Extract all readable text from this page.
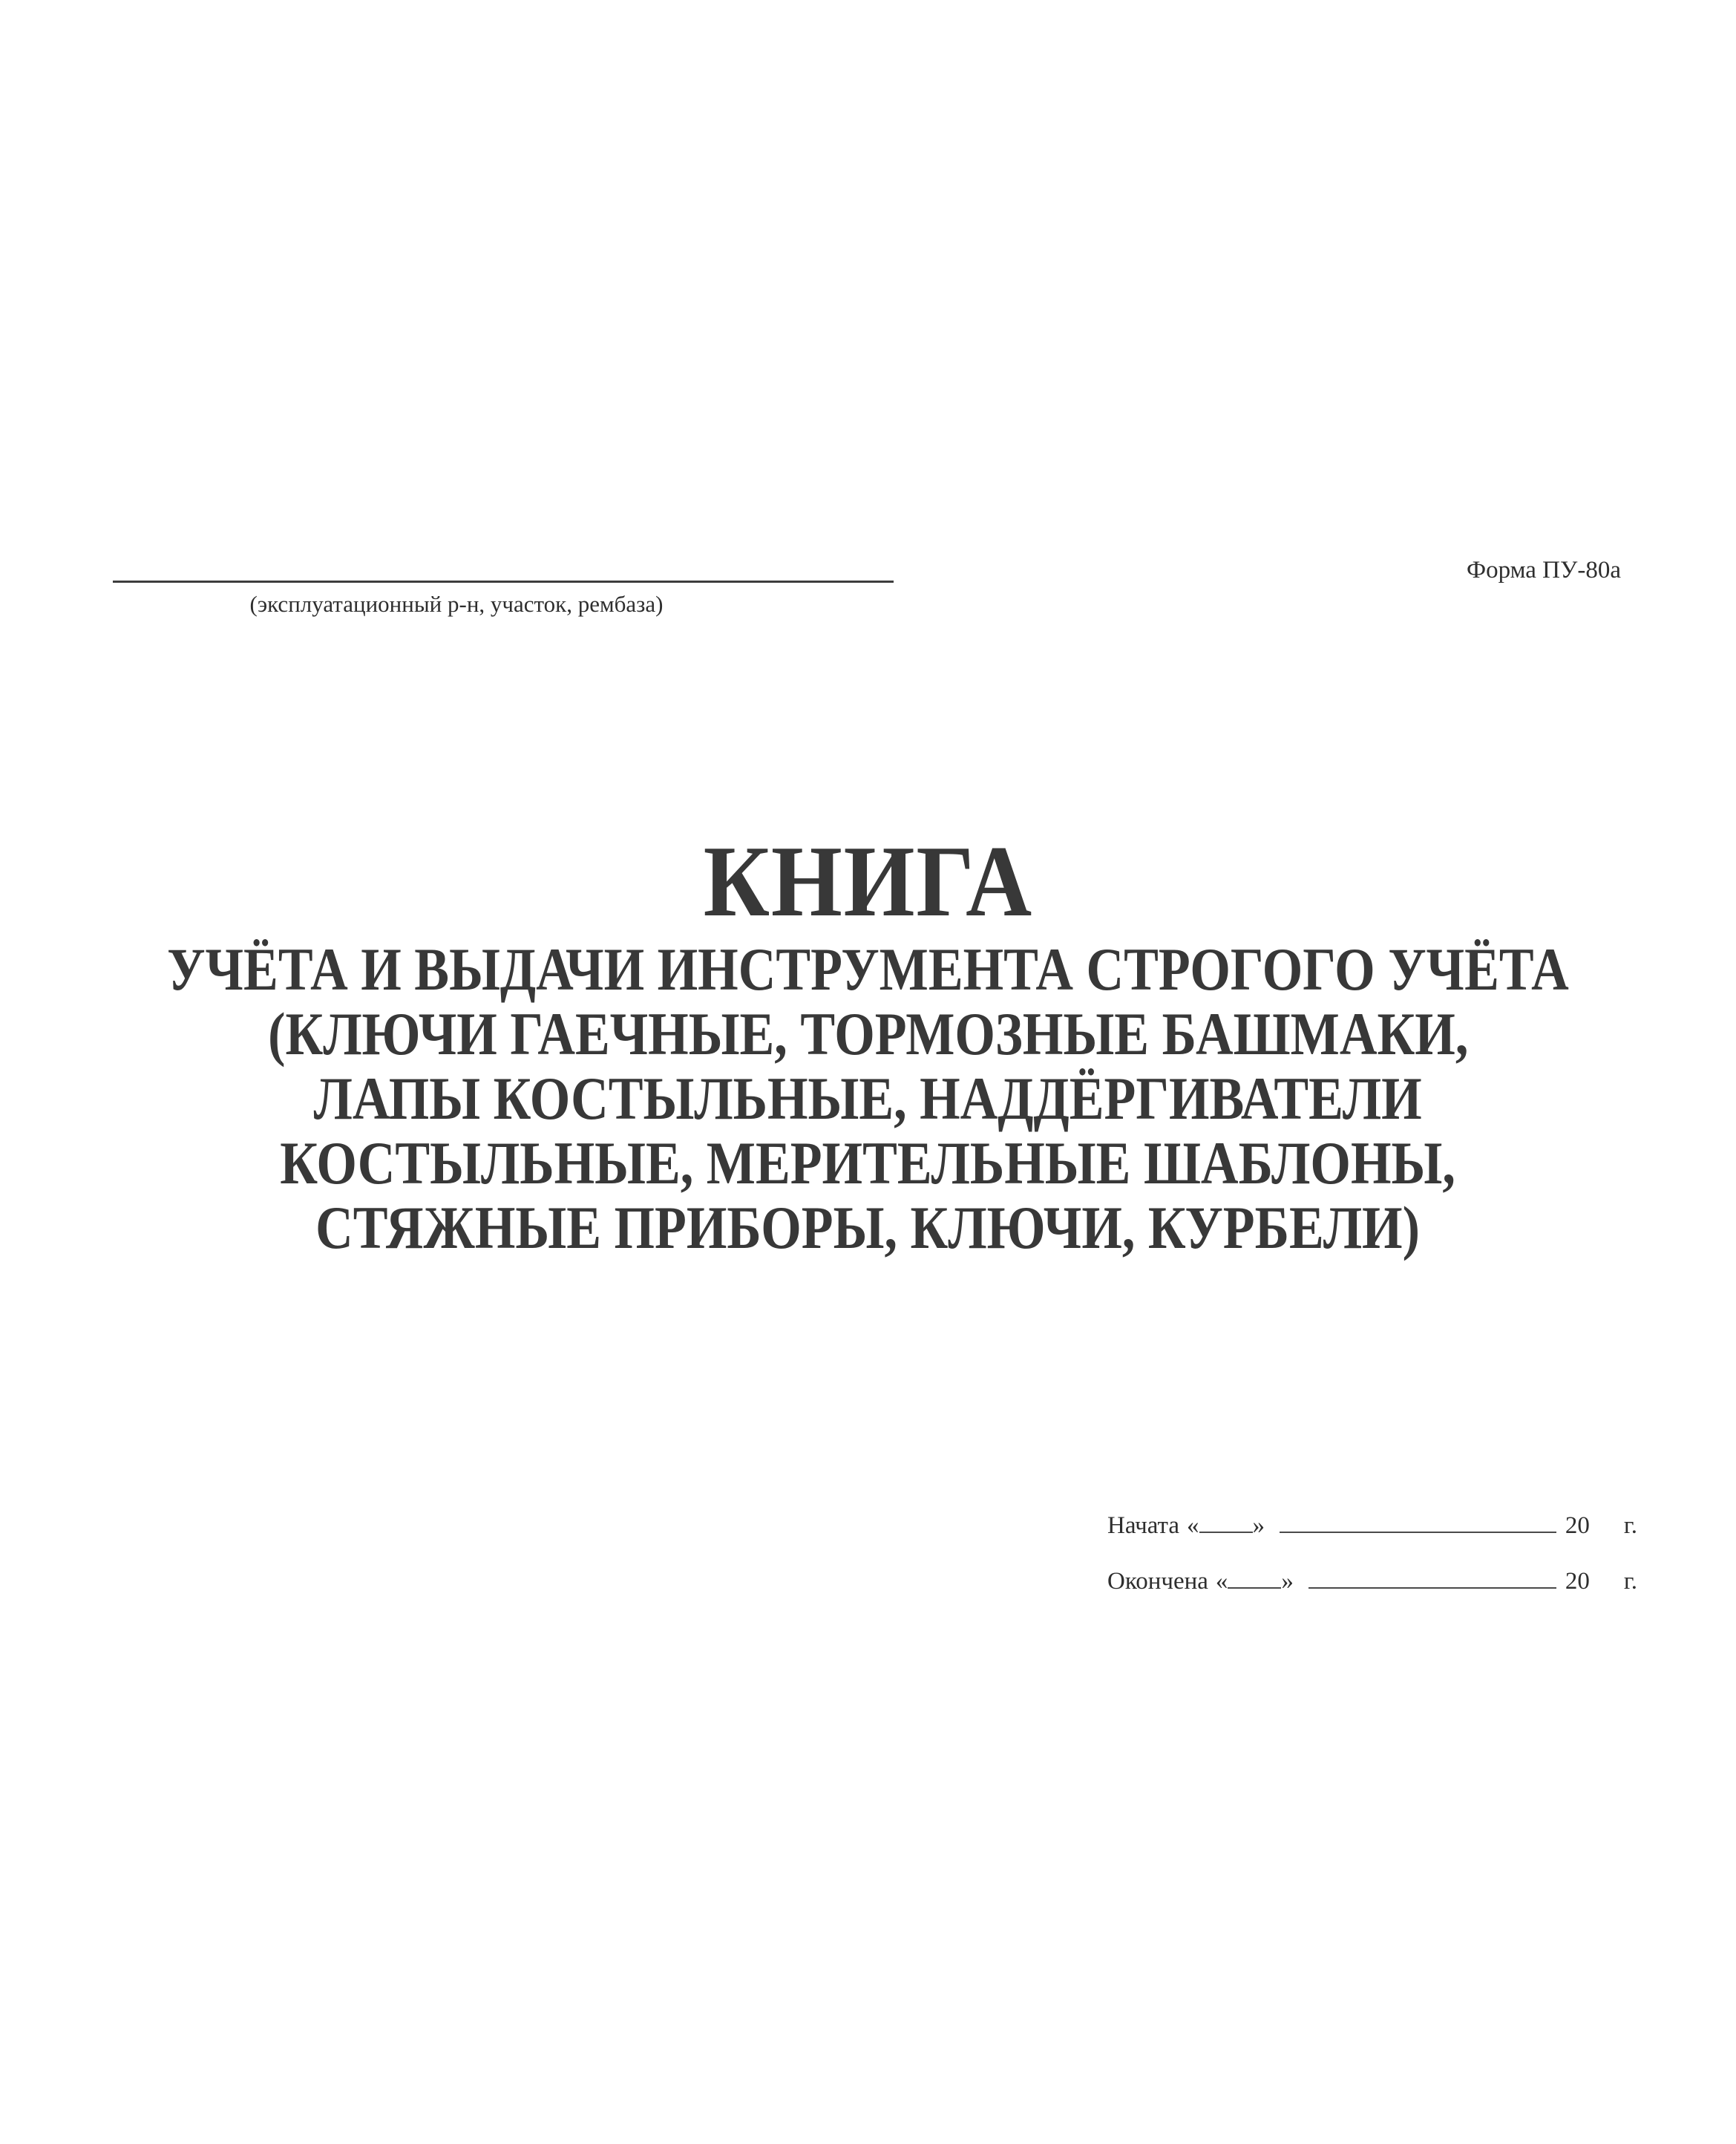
(эксплуатационный р-н, участок, рембаза)
Форма ПУ-80а
КНИГА
УЧЁТА И ВЫДАЧИ ИНСТРУМЕНТА СТРОГОГО УЧЁТА
(КЛЮЧИ ГАЕЧНЫЕ, ТОРМОЗНЫЕ БАШМАКИ,
ЛАПЫ КОСТЫЛЬНЫЕ, НАДДЁРГИВАТЕЛИ
КОСТЫЛЬНЫЕ, МЕРИТЕЛЬНЫЕ ШАБЛОНЫ,
СТЯЖНЫЕ ПРИБОРЫ, КЛЮЧИ, КУРБЕЛИ)
Начата « »	20 г.
Окончена « »	20 г.
